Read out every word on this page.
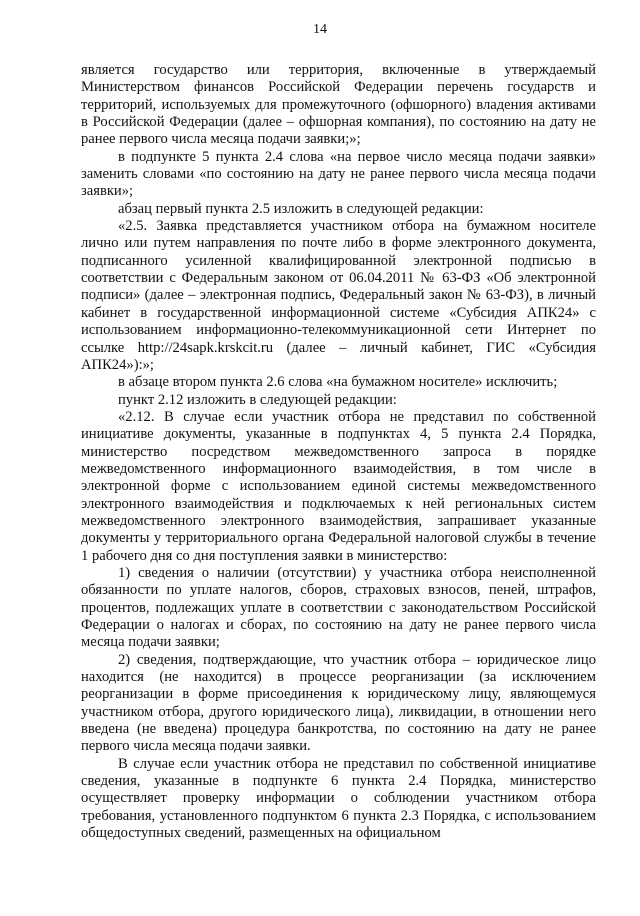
14

является государство или территория, включенные в утверждаемый Министерством финансов Российской Федерации перечень государств и территорий, используемых для промежуточного (офшорного) владения активами в Российской Федерации (далее – офшорная компания), по состоянию на дату не ранее первого числа месяца подачи заявки;»;

в подпункте 5 пункта 2.4 слова «на первое число месяца подачи заявки» заменить словами «по состоянию на дату не ранее первого числа месяца подачи заявки»;

абзац первый пункта 2.5 изложить в следующей редакции:

«2.5. Заявка представляется участником отбора на бумажном носителе лично или путем направления по почте либо в форме электронного документа, подписанного усиленной квалифицированной электронной подписью в соответствии с Федеральным законом от 06.04.2011 № 63-ФЗ «Об электронной подписи» (далее – электронная подпись, Федеральный закон № 63-ФЗ), в личный кабинет в государственной информационной системе «Субсидия АПК24» с использованием информационно-телекоммуникационной сети Интернет по ссылке http://24sapk.krskcit.ru (далее – личный кабинет, ГИС «Субсидия АПК24»):»;

в абзаце втором пункта 2.6 слова «на бумажном носителе» исключить;

пункт 2.12 изложить в следующей редакции:

«2.12. В случае если участник отбора не представил по собственной инициативе документы, указанные в подпунктах 4, 5 пункта 2.4 Порядка, министерство посредством межведомственного запроса в порядке межведомственного информационного взаимодействия, в том числе в электронной форме с использованием единой системы межведомственного электронного взаимодействия и подключаемых к ней региональных систем межведомственного электронного взаимодействия, запрашивает указанные документы у территориального органа Федеральной налоговой службы в течение 1 рабочего дня со дня поступления заявки в министерство:

1) сведения о наличии (отсутствии) у участника отбора неисполненной обязанности по уплате налогов, сборов, страховых взносов, пеней, штрафов, процентов, подлежащих уплате в соответствии с законодательством Российской Федерации о налогах и сборах, по состоянию на дату не ранее первого числа месяца подачи заявки;

2) сведения, подтверждающие, что участник отбора – юридическое лицо находится (не находится) в процессе реорганизации (за исключением реорганизации в форме присоединения к юридическому лицу, являющемуся участником отбора, другого юридического лица), ликвидации, в отношении него введена (не введена) процедура банкротства, по состоянию на дату не ранее первого числа месяца подачи заявки.

В случае если участник отбора не представил по собственной инициативе сведения, указанные в подпункте 6 пункта 2.4 Порядка, министерство осуществляет проверку информации о соблюдении участником отбора требования, установленного подпунктом 6 пункта 2.3 Порядка, с использованием общедоступных сведений, размещенных на официальном
